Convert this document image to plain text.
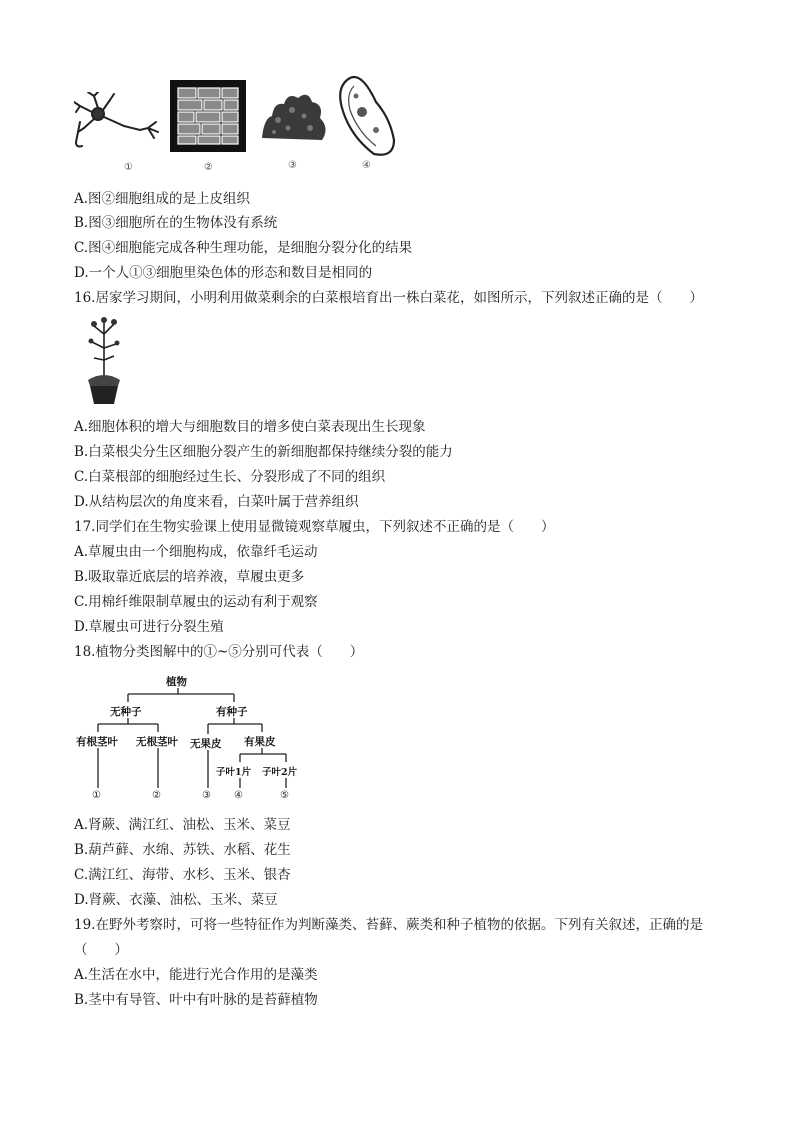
①	②	③	④
A.图②细胞组成的是上皮组织
B.图③细胞所在的生物体没有系统
C.图④细胞能完成各种生理功能，是细胞分裂分化的结果
D.一个人①③细胞里染色体的形态和数目是相同的
16.居家学习期间，小明利用做菜剩余的白菜根培育出一株白菜花，如图所示，下列叙述正确的是（　　）
A.细胞体积的增大与细胞数目的增多使白菜表现出生长现象
B.白菜根尖分生区细胞分裂产生的新细胞都保持继续分裂的能力
C.白菜根部的细胞经过生长、分裂形成了不同的组织
D.从结构层次的角度来看，白菜叶属于营养组织
17.同学们在生物实验课上使用显微镜观察草履虫，下列叙述不正确的是（　　）
A.草履虫由一个细胞构成，依靠纤毛运动
B.吸取靠近底层的培养液，草履虫更多
C.用棉纤维限制草履虫的运动有利于观察
D.草履虫可进行分裂生殖
18.植物分类图解中的①~⑤分别可代表（　　）
植物
无种子	有种子
有根茎叶 无根茎叶 无果皮 有果皮
子叶1片 子叶2片
①	②	③ ④	⑤
A.肾蕨、满江红、油松、玉米、菜豆
B.葫芦藓、水绵、苏铁、水稻、花生
C.满江红、海带、水杉、玉米、银杏
D.肾蕨、衣藻、油松、玉米、菜豆
19.在野外考察时，可将一些特征作为判断藻类、苔藓、蕨类和种子植物的依据。下列有关叙述，正确的是
（　　）
A.生活在水中，能进行光合作用的是藻类
B.茎中有导管、叶中有叶脉的是苔藓植物
